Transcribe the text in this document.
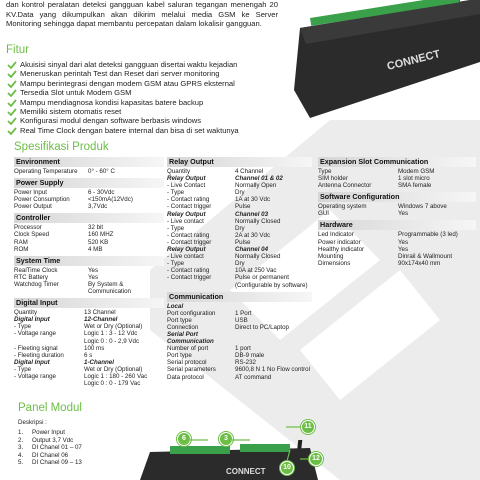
dan kontrol peralatan deteksi gangguan kabel saluran tegangan menengah 20 KV.Data yang dikumpulkan akan dikirim melalui media GSM ke Server Monitoring sehingga dapat membantu percepatan dalam lokalisir gangguan.

CONNECT
Fitur
Akuisisi sinyal dari alat deteksi gangguan disertai waktu kejadian
Meneruskan perintah Test dan Reset dari server monitoring
Mampu berintegrasi dengan modem GSM atau GPRS eksternal
Tersedia Slot untuk Modem GSM
Mampu mendiagnosa kondisi kapasitas batere backup
Memiliki sistem otomatis reset
Konfigurasi modul dengan software berbasis windows
Real Time Clock dengan batere internal dan bisa di set waktunya
Spesifikasi Produk
Environment
Operating Temperature	0° - 60° C
Power Supply
Power Input	6 - 30Vdc
Power Consumption	<150mA(12Vdc)
Power Output	3,7Vdc
Controller
Processor	32 bit
Clock Speed	160 MHZ
RAM	520 KB
ROM	4 MB
System Time
RealTime Clock	Yes
RTC Battery	Yes
Watchdog Timer	By System &
Communication
Digital Input
Quantity	13 Channel
Digital Input	12-Channel
- Type	Wet or Dry (Optional)
- Voltage range	Logic 1 : 3 - 12 Vdc
Logic 0 : 0 - 2,9 Vdc
- Fleeting signal	100 ms
- Fleeting duration	6 s
Digital Input	1-Channel
- Type	Wet or Dry (Optional)
- Voltage range	Logic 1 : 180 - 260 Vac
Logic 0 : 0 - 179 Vac
Relay Output
Quantity	4 Channel
Relay Output	Channel 01 & 02
- Live Contact	Normally Open
- Type	Dry
- Contact rating	1A at 30 Vdc
- Contact trigger	Pulse
Relay Output	Channel 03
- Live contact	Normally Closed
- Type	Dry
- Contact rating	2A at 30 Vdc
- Contact trigger	Pulse
Relay Output	Channel 04
- Live contact	Normally Closed
- Type	Dry
- Contact rating	10A at 250 Vac
- Contact trigger	Pulse or permanent
(Configurable by software)
Communication
Local
Port configuration	1 Port
Port type	USB
Connection	Direct to PC/Laptop
Serial Port Communication
Number of port	1 port
Port type	DB-9 male
Serial protocol	RS-232
Serial parameters	9600,8 N 1 No Flow control
Data protocol	AT command
Expansion Slot Communication
Type	Modem GSM
SIM holder	1 slot micro
Antenna Connector	SMA female
Software Configuration
Operating system	Windows 7 above
GUI	Yes
Hardware
Led Indicator	Programmable (3 led)
Power indicator	Yes
Healthy indicator	Yes
Mounting	Dinrail & Wallmount
Dimensions	90x174x40 mm
Panel Modul
Deskripsi :
1.	Power Input
2.	Output 3,7 Vdc
3.	DI Chanel 01 – 07
4.	DI Chanel 06
5.	DI Chanel 09 – 13
CONNECT
6	3
10
11
12
